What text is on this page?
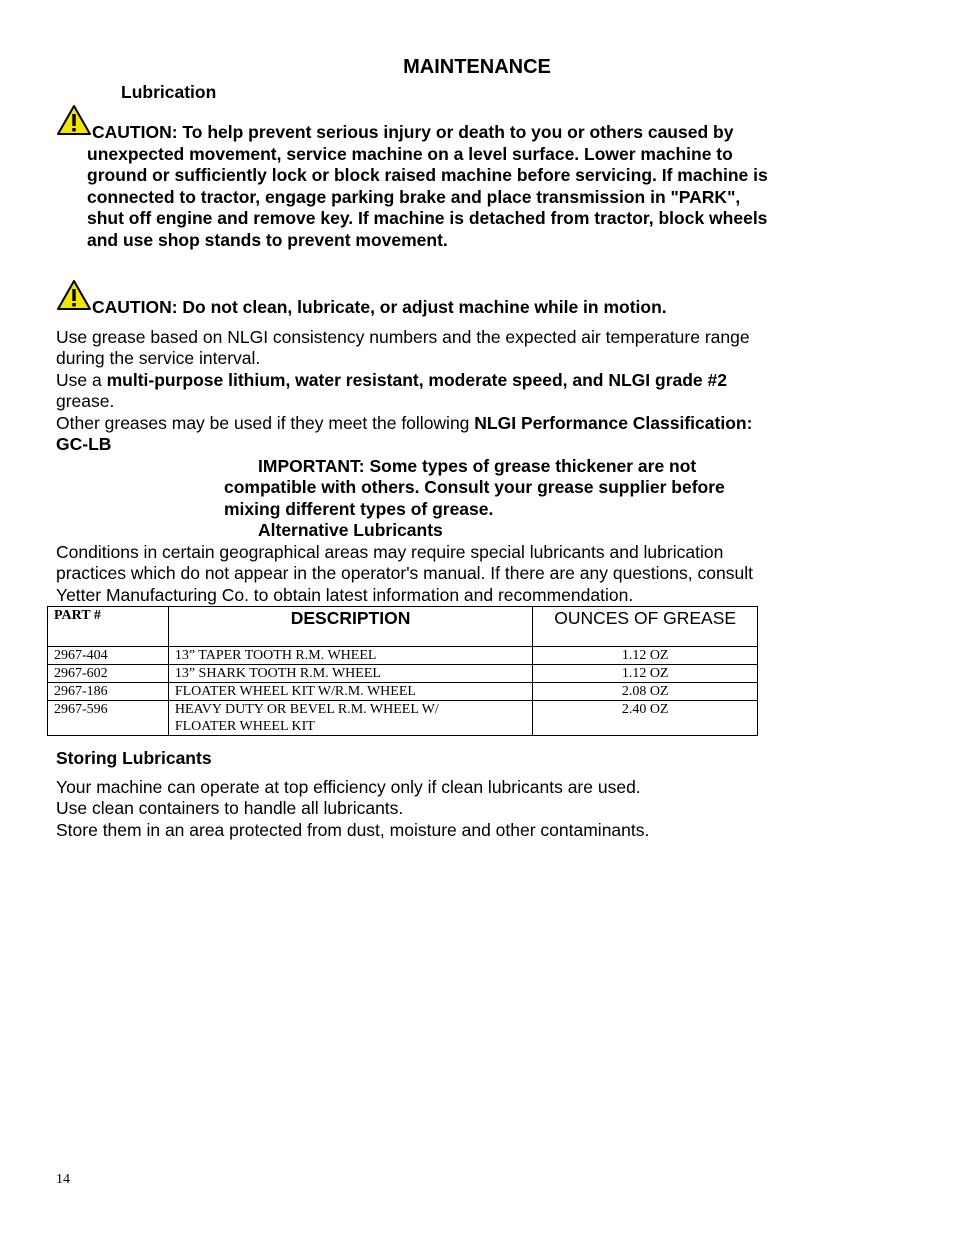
MAINTENANCE
Lubrication
CAUTION: To help prevent serious injury or death to you or others caused by
unexpected movement, service machine on a level surface. Lower machine to
ground or sufficiently lock or block raised machine before servicing. If machine is
connected to tractor, engage parking brake and place transmission in "PARK",
shut off engine and remove key. If machine is detached from tractor, block wheels
and use shop stands to prevent movement.
CAUTION: Do not clean, lubricate, or adjust machine while in motion.
Use grease based on NLGI consistency numbers and the expected air temperature range
during the service interval.
Use a multi-purpose lithium, water resistant, moderate speed, and NLGI grade #2
grease.
Other greases may be used if they meet the following NLGI Performance Classification:
GC-LB
IMPORTANT: Some types of grease thickener are not
compatible with others. Consult your grease supplier before
mixing different types of grease.
Alternative Lubricants
Conditions in certain geographical areas may require special lubricants and lubrication
practices which do not appear in the operator's manual. If there are any questions, consult
Yetter Manufacturing Co. to obtain latest information and recommendation.
PART #	DESCRIPTION	OUNCES OF GREASE
2967-404	13” TAPER TOOTH R.M. WHEEL	1.12 OZ
2967-602	13” SHARK TOOTH R.M. WHEEL	1.12 OZ
2967-186	FLOATER WHEEL KIT W/R.M. WHEEL	2.08 OZ
2967-596	HEAVY DUTY OR BEVEL R.M. WHEEL W/
FLOATER WHEEL KIT	2.40 OZ
Storing Lubricants
Your machine can operate at top efficiency only if clean lubricants are used.
Use clean containers to handle all lubricants.
Store them in an area protected from dust, moisture and other contaminants.
14
